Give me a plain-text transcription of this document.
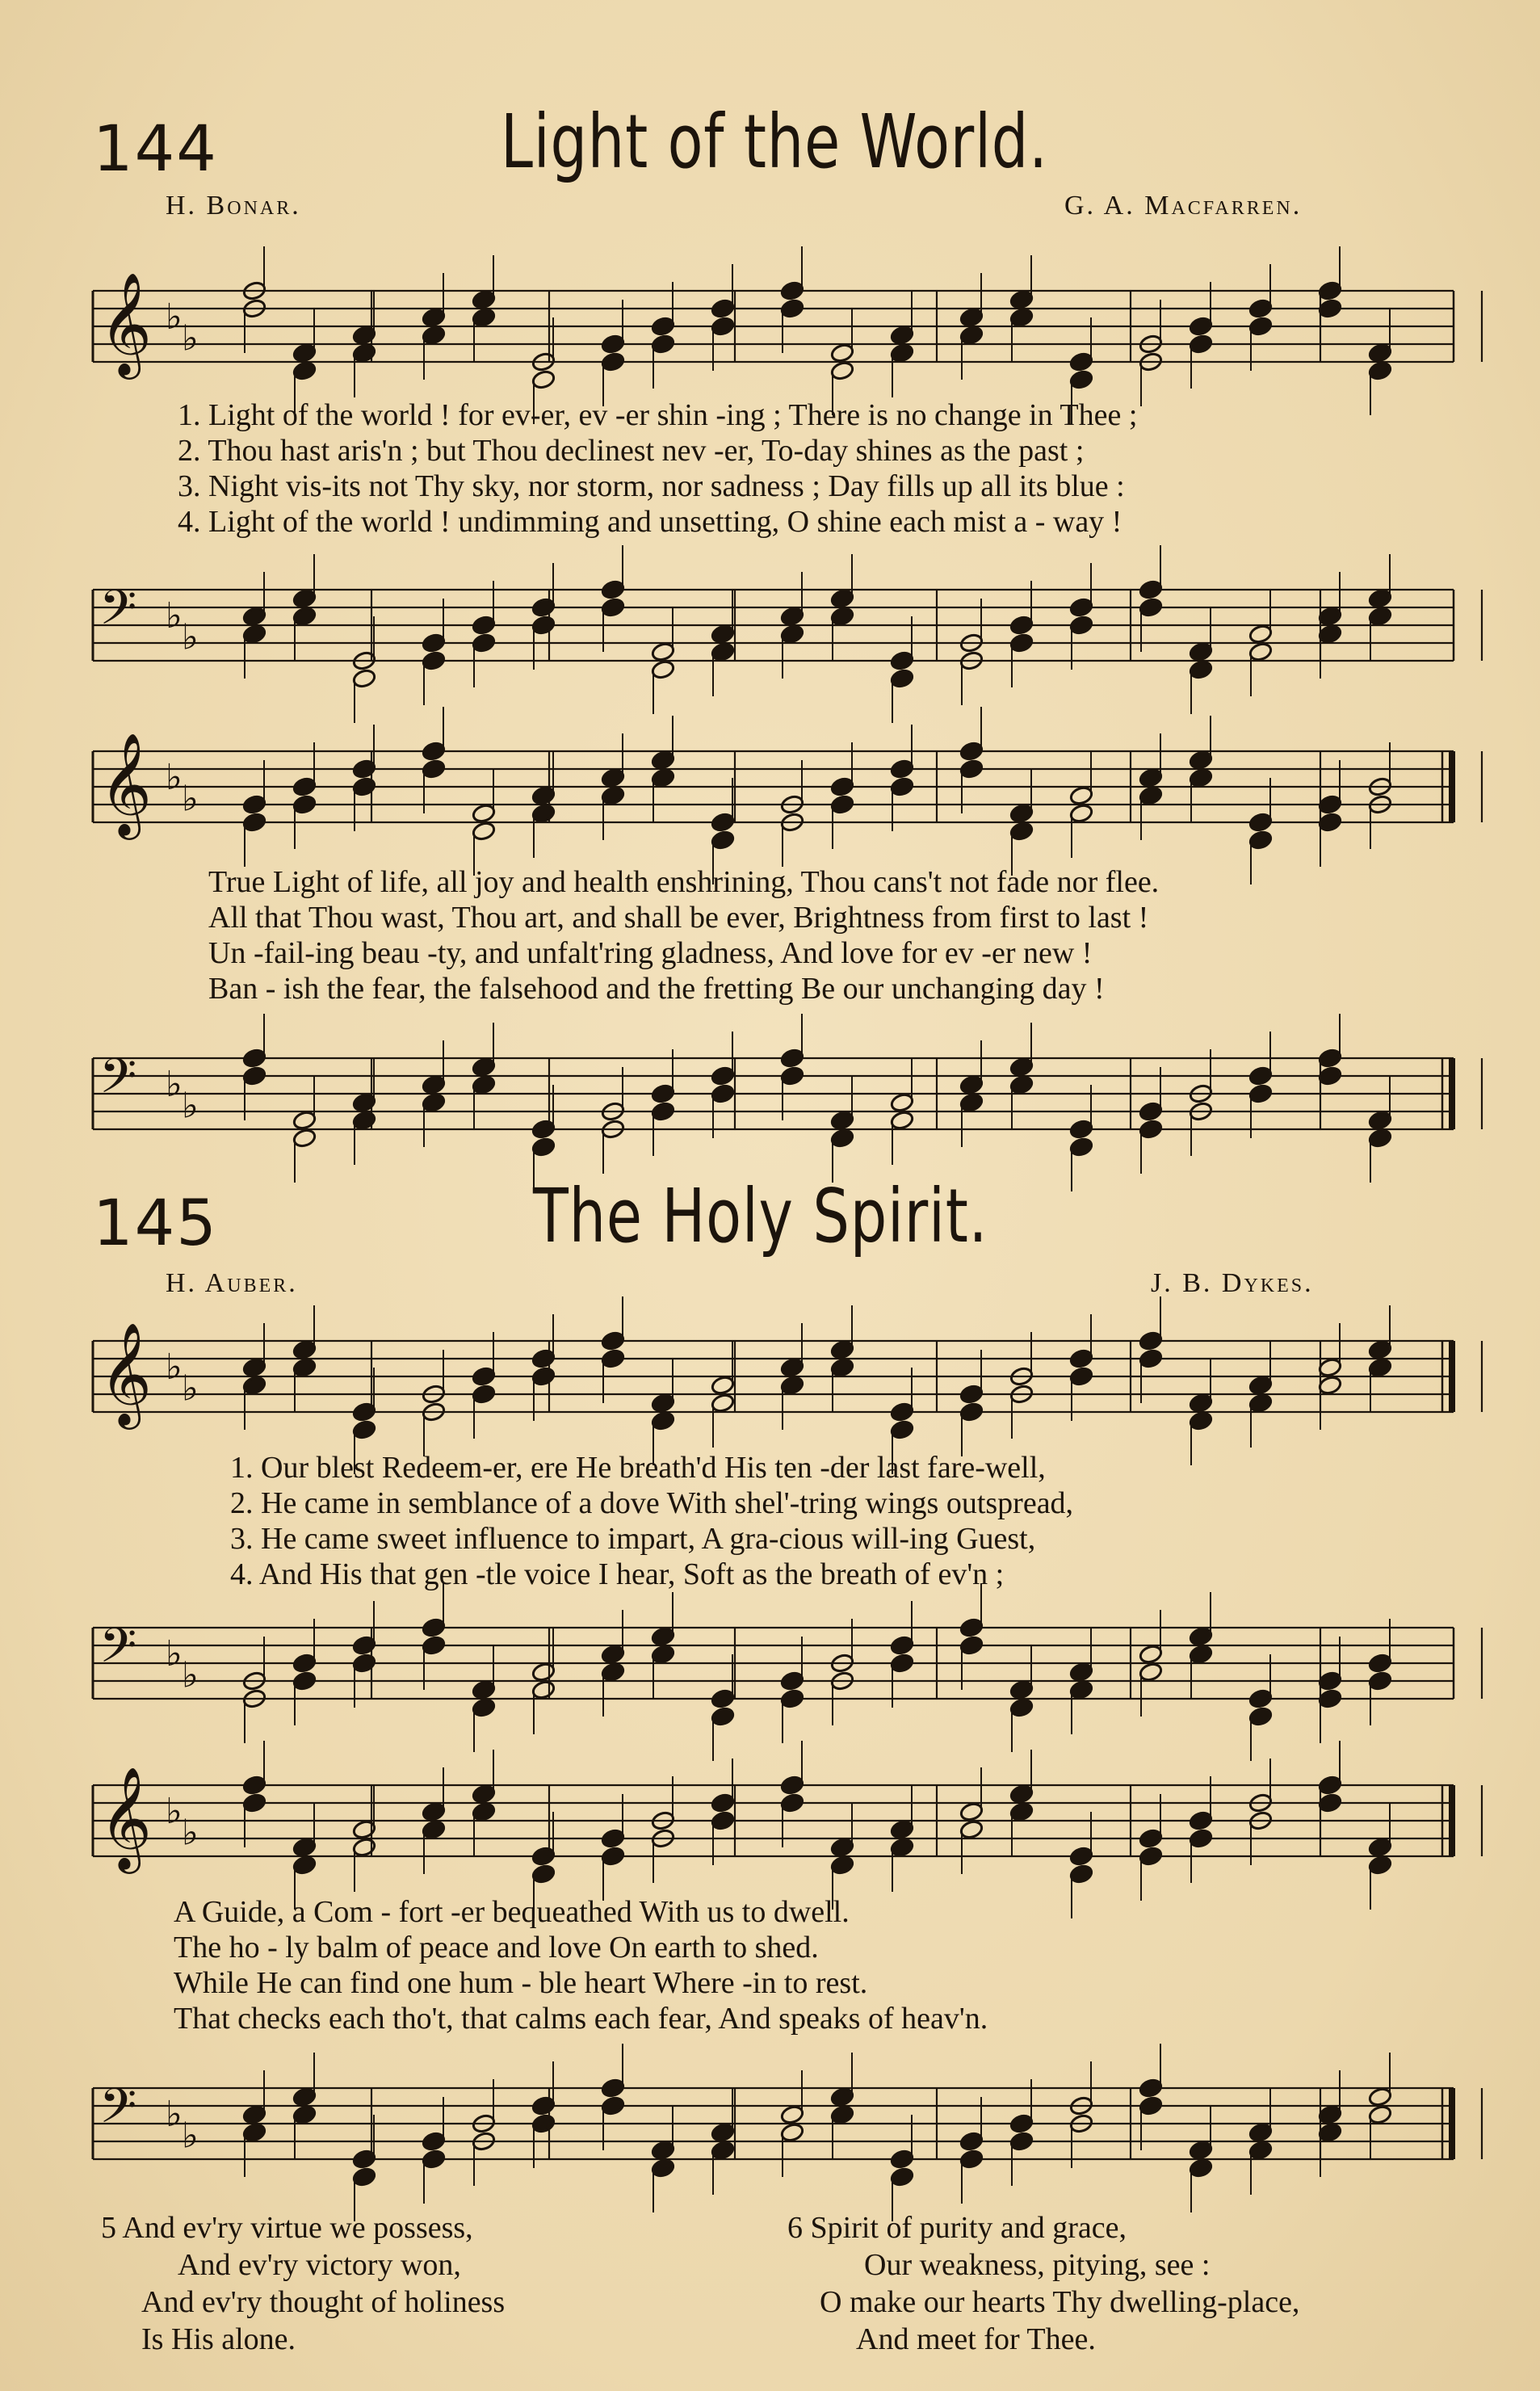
144	Light of the World.
H. Bonar.	G. A. Macfarren.
𝄞 ♭
♭
1. Light of the world ! for ev-er, ev -er shin -ing ; There is no change in Thee ;
2. Thou hast aris'n ; but Thou declinest nev -er, To-day shines as the past ;
3. Night vis-its not Thy sky, nor storm, nor sadness ; Day fills up all its blue :
4. Light of the world ! undimming and unsetting, O shine each mist a - way !
𝄢 ♭
♭
𝄞 ♭
♭
True Light of life, all joy and health enshrining, Thou cans't not fade nor flee.
All that Thou wast, Thou art, and shall be ever, Brightness from first to last !
Un -fail-ing beau -ty, and unfalt'ring gladness, And love for ev -er new !
Ban - ish the fear, the falsehood and the fretting Be our unchanging day !
𝄢 ♭
♭
145	The Holy Spirit.
H. Auber.	J. B. Dykes.
𝄞 ♭
♭
1. Our blest Redeem-er, ere He breath'd His ten -der last fare-well,
2. He came in semblance of a dove With shel'-tring wings outspread,
3. He came sweet influence to impart, A gra-cious will-ing Guest,
4. And His that gen -tle voice I hear, Soft as the breath of ev'n ;
𝄢 ♭
♭
𝄞 ♭
♭
A Guide, a Com - fort -er bequeathed With us to dwell.
The ho - ly balm of peace and love On earth to shed.
While He can find one hum - ble heart Where -in to rest.
That checks each tho't, that calms each fear, And speaks of heav'n.
𝄢 ♭
♭
5 And ev'ry virtue we possess,
And ev'ry victory won,
And ev'ry thought of holiness
Is His alone.
6 Spirit of purity and grace,
Our weakness, pitying, see :
O make our hearts Thy dwelling-place,
And meet for Thee.
